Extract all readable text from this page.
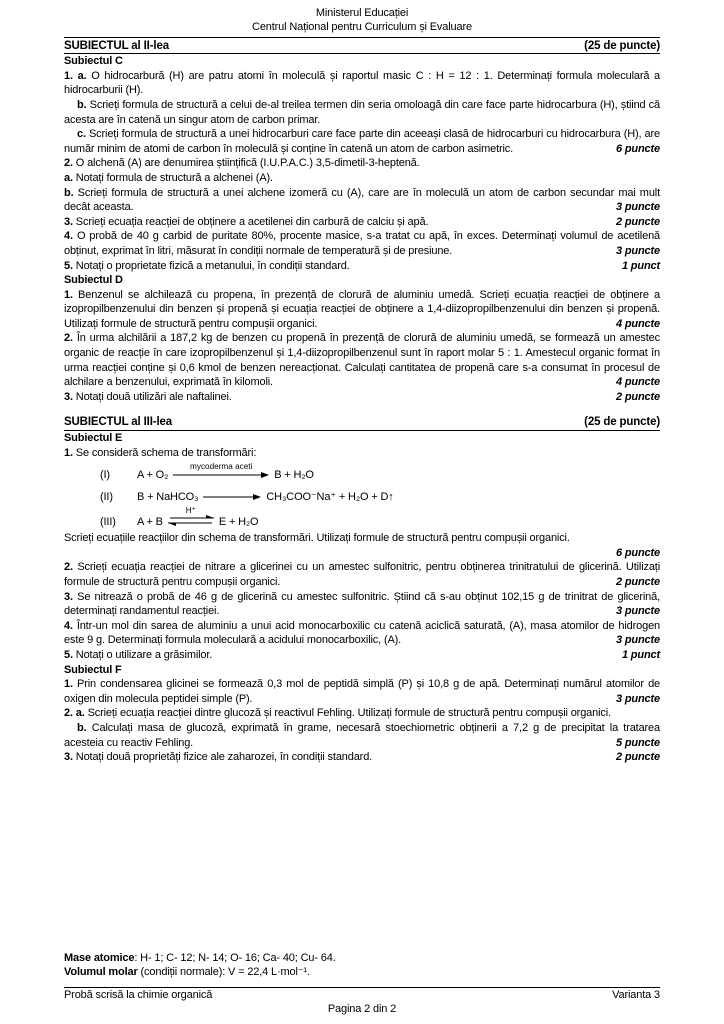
Ministerul Educației
Centrul Național pentru Curriculum și Evaluare
SUBIECTUL al II-lea	(25 de puncte)
Subiectul C
1. a. O hidrocarbură (H) are patru atomi în moleculă și raportul masic C : H = 12 : 1. Determinați formula moleculară a hidrocarburii (H).
b. Scrieți formula de structură a celui de-al treilea termen din seria omoloagă din care face parte hidrocarbura (H), știind că acesta are în catenă un singur atom de carbon primar.
c. Scrieți formula de structură a unei hidrocarburi care face parte din aceeași clasă de hidrocarburi cu hidrocarbura (H), are număr minim de atomi de carbon în moleculă și conține în catenă un atom de carbon asimetric.	6 puncte
2. O alchenă (A) are denumirea științifică (I.U.P.A.C.) 3,5-dimetil-3-heptenă.
a. Notați formula de structură a alchenei (A).
b. Scrieți formula de structură a unei alchene izomeră cu (A), care are în moleculă un atom de carbon secundar mai mult decât aceasta.	3 puncte
3. Scrieți ecuația reacției de obținere a acetilenei din carbură de calciu și apă.	2 puncte
4. O probă de 40 g carbid de puritate 80%, procente masice, s-a tratat cu apă, în exces. Determinați volumul de acetilenă obținut, exprimat în litri, măsurat în condiții normale de temperatură și de presiune.	3 puncte
5. Notați o proprietate fizică a metanului, în condiții standard.	1 punct
Subiectul D
1. Benzenul se alchilează cu propena, în prezență de clorură de aluminiu umedă. Scrieți ecuația reacției de obținere a izopropilbenzenului din benzen și propenă și ecuația reacției de obținere a 1,4-diizopropilbenzenului din benzen și propenă. Utilizați formule de structură pentru compușii organici.	4 puncte
2. În urma alchilării a 187,2 kg de benzen cu propenă în prezență de clorură de aluminiu umedă, se formează un amestec organic de reacție în care izopropilbenzenul și 1,4-diizopropilbenzenul sunt în raport molar 5 : 1. Amestecul organic format în urma reacției conține și 0,6 kmol de benzen nereacționat. Calculați cantitatea de propenă care s-a consumat în procesul de alchilare a benzenului, exprimată în kilomoli.	4 puncte
3. Notați două utilizări ale naftalinei.	2 puncte
SUBIECTUL al III-lea	(25 de puncte)
Subiectul E
1. Se consideră schema de transformări:
(I)	A + O₂
mycoderma aceti
B + H₂O
(II)	B + NaHCO₃
	CH₃COO⁻Na⁺ + H₂O + D↑
(III)	A + B
H⁺
E + H₂O
Scrieți ecuațiile reacțiilor din schema de transformări. Utilizați formule de structură pentru compușii organici.
6 puncte
2. Scrieți ecuația reacției de nitrare a glicerinei cu un amestec sulfonitric, pentru obținerea trinitratului de glicerină. Utilizați formule de structură pentru compușii organici.	2 puncte
3. Se nitrează o probă de 46 g de glicerină cu amestec sulfonitric. Știind că s-au obținut 102,15 g de trinitrat de glicerină, determinați randamentul reacției.	3 puncte
4. Într-un mol din sarea de aluminiu a unui acid monocarboxilic cu catenă aciclică saturată, (A), masa atomilor de hidrogen este 9 g. Determinați formula moleculară a acidului monocarboxilic, (A).	3 puncte
5. Notați o utilizare a grăsimilor.	1 punct
Subiectul F
1. Prin condensarea glicinei se formează 0,3 mol de peptidă simplă (P) și 10,8 g de apă. Determinați numărul atomilor de oxigen din molecula peptidei simple (P).	3 puncte
2. a. Scrieți ecuația reacției dintre glucoză și reactivul Fehling. Utilizați formule de structură pentru compușii organici.
b. Calculați masa de glucoză, exprimată în grame, necesară stoechiometric obținerii a 7,2 g de precipitat la tratarea acesteia cu reactiv Fehling.	5 puncte
3. Notați două proprietăți fizice ale zaharozei, în condiții standard.	2 puncte
Mase atomice: H- 1; C- 12; N- 14; O- 16; Ca- 40; Cu- 64.
Volumul molar (condiții normale): V = 22,4 L·mol⁻¹.
Probă scrisă la chimie organică	Varianta 3
Pagina 2 din 2
